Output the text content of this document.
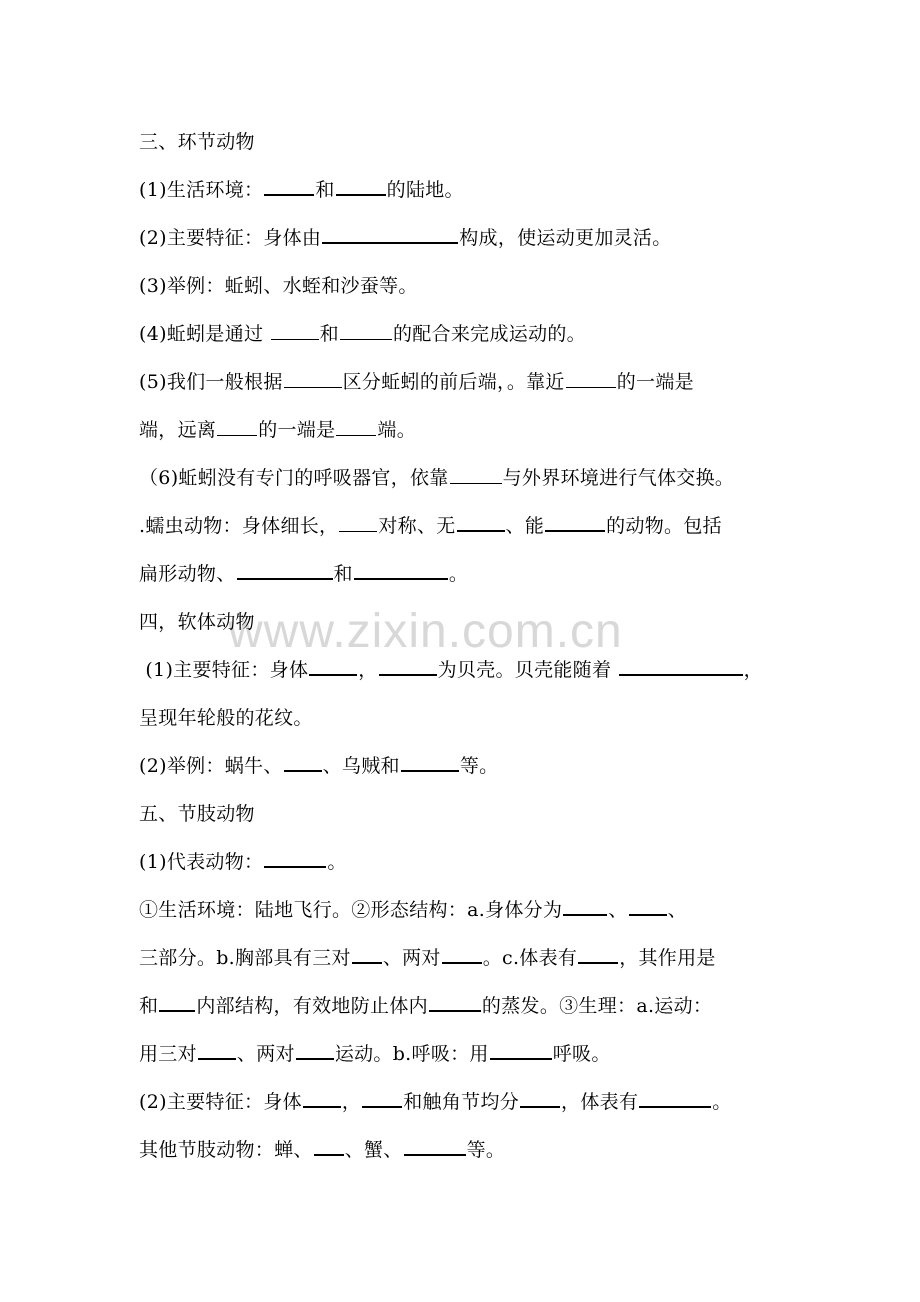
www.zixin.com.cn
三、环节动物
(1)生活环境：	和	的陆地。
(2)主要特征：身体由	构成，使运动更加灵活。
(3)举例：蚯蚓、水蛭和沙蚕等。
(4)蚯蚓是通过	和	的配合来完成运动的。
(5)我们一般根据	区分蚯蚓的前后端，。靠近	的一端是
端，远离 的一端是 端。
（6)蚯蚓没有专门的呼吸器官，依靠	与外界环境进行气体交换。
.蠕虫动物：身体细长， 对称、无	、能	的动物。包括
扁形动物、	和	。
四，软体动物
(1)主要特征：身体	，	为贝壳。贝壳能随着	，
呈现年轮般的花纹。
(2)举例：蜗牛、 、乌贼和	等。
五、节肢动物
(1)代表动物：	。
①生活环境：陆地飞行。②形态结构：a.身体分为 、 、
三部分。b.胸部具有三对 、两对 。c.体表有 ，其作用是
和 内部结构，有效地防止体内	的蒸发。③生理：a.运动：
用三对 、两对 运动。b.呼吸：用	呼吸。
(2)主要特征：身体 ， 和触角节均分 ，体表有	。
其他节肢动物：蝉、 、蟹、	等。
